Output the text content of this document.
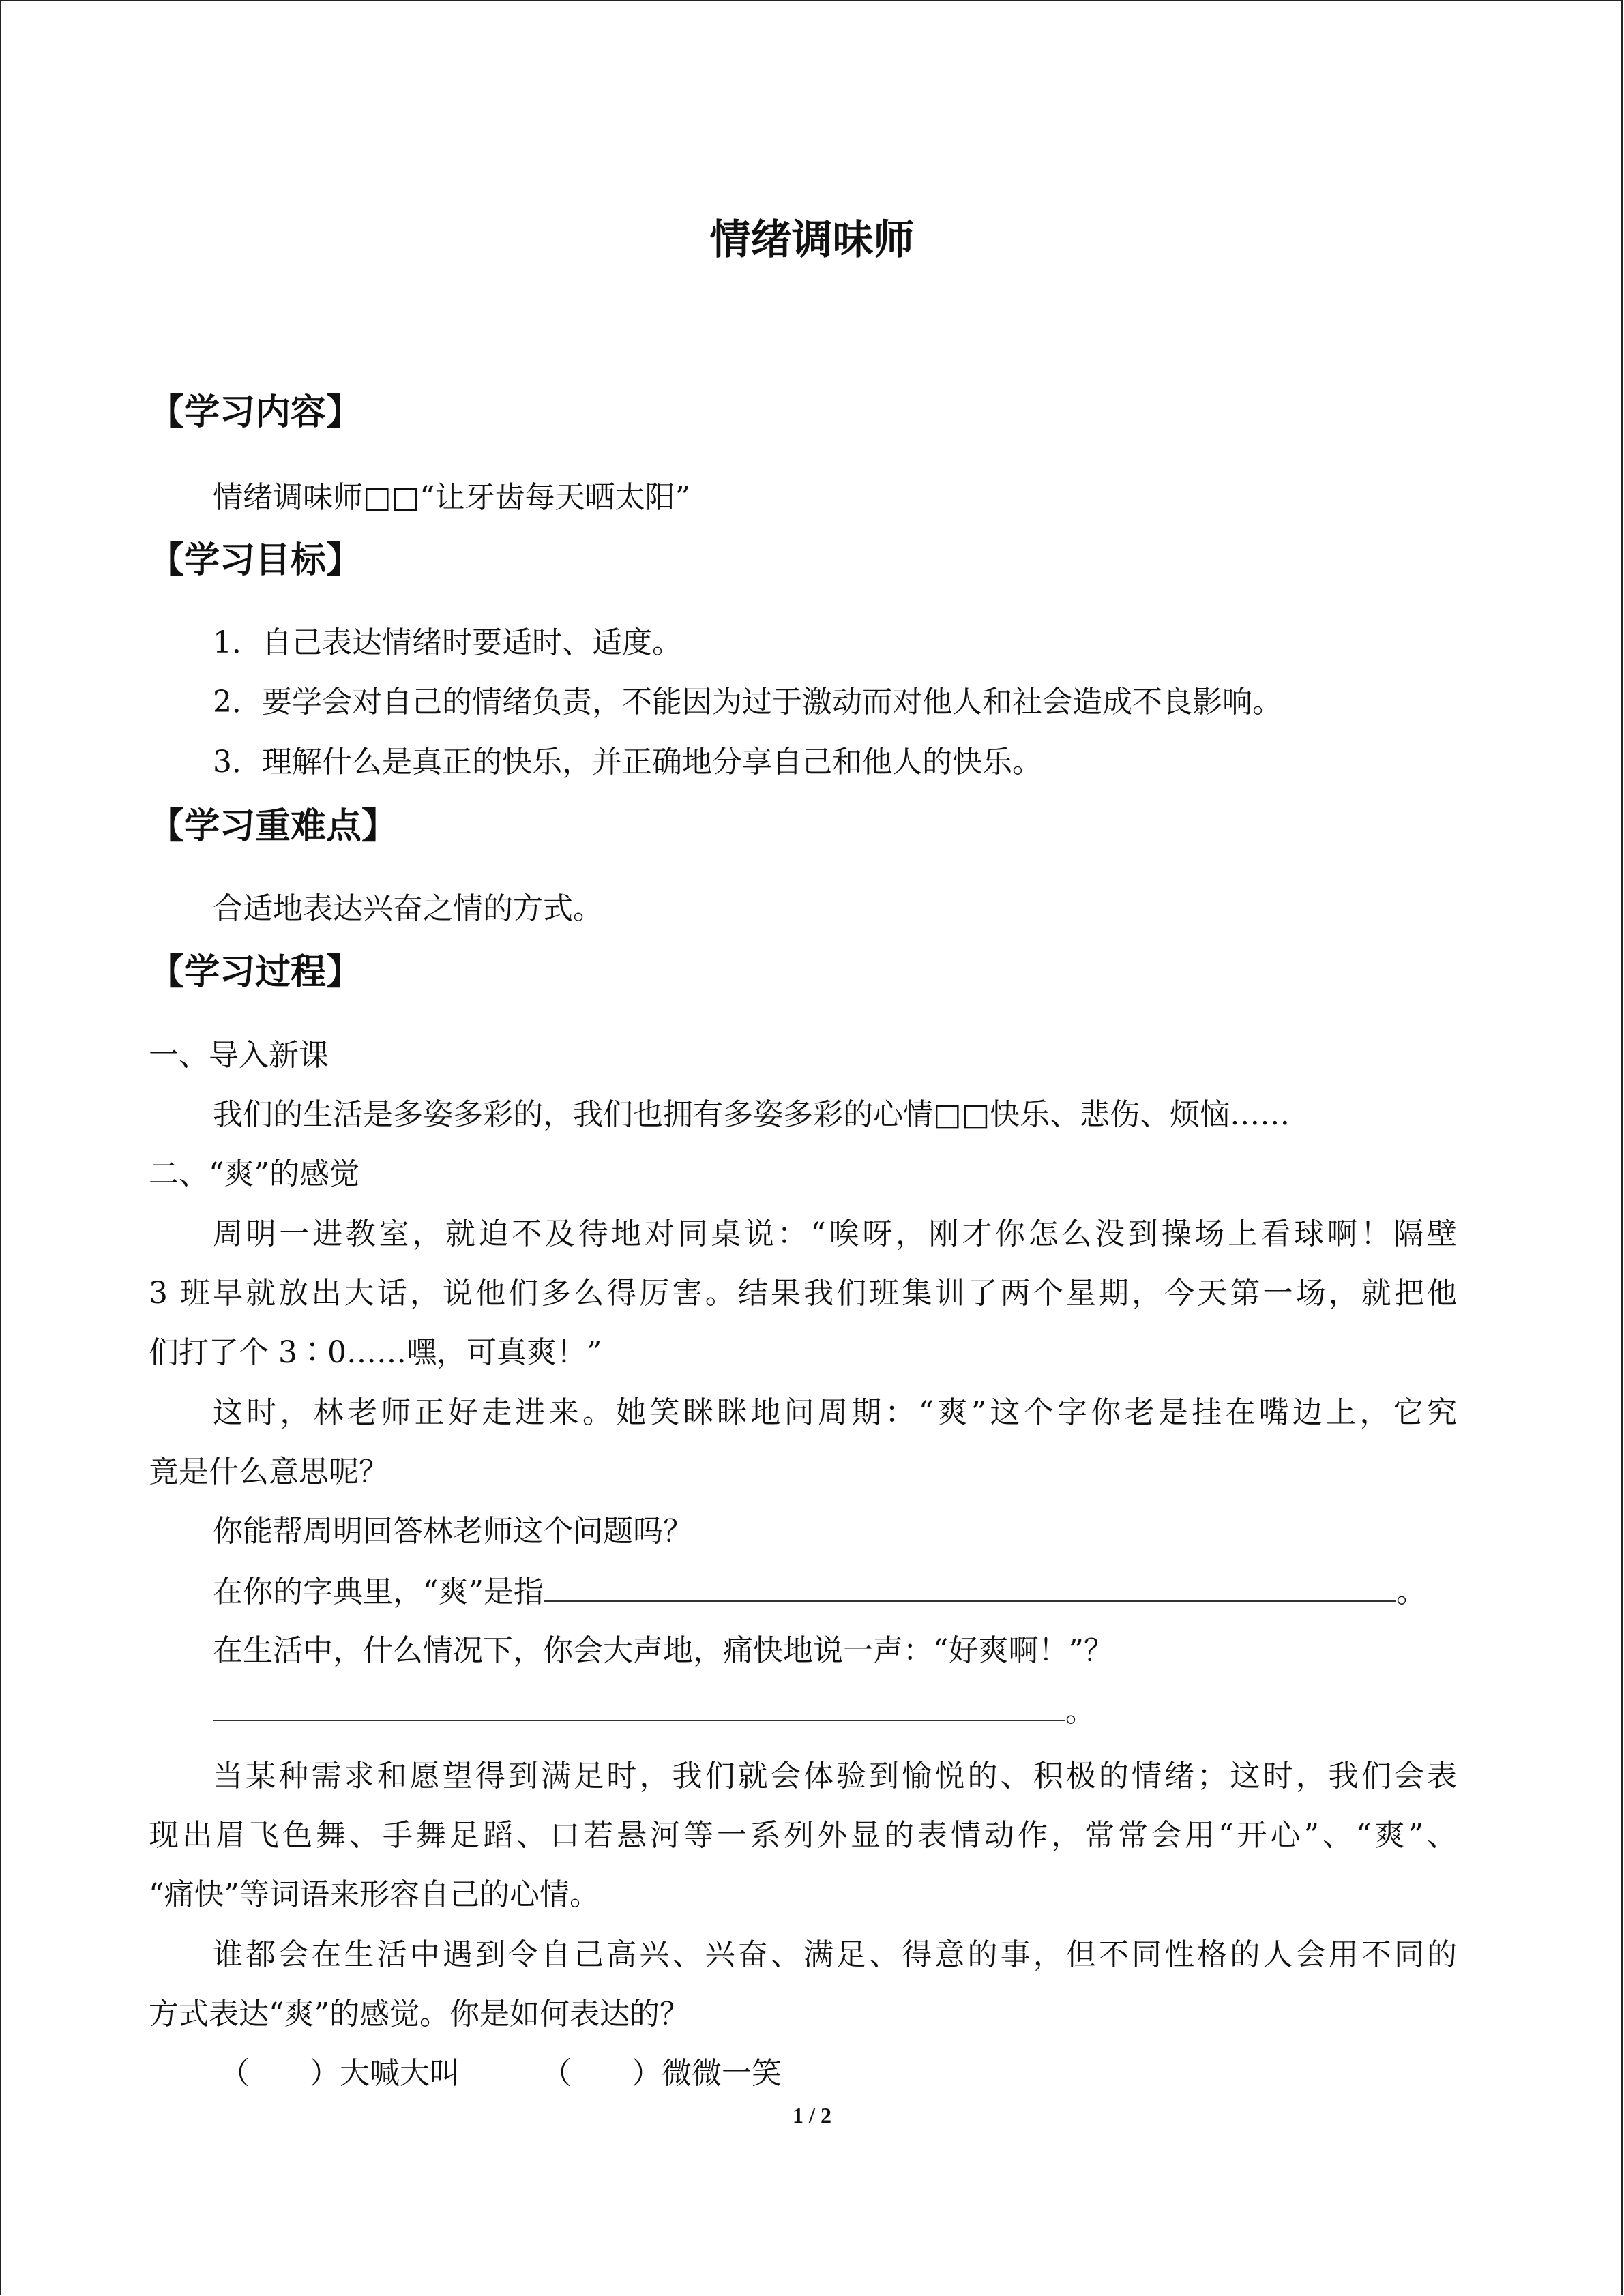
情绪调味师
【学习内容】
情绪调味师□□“让牙齿每天晒太阳”
【学习目标】
1．自己表达情绪时要适时、适度。
2．要学会对自己的情绪负责，不能因为过于激动而对他人和社会造成不良影响。
3．理解什么是真正的快乐，并正确地分享自己和他人的快乐。
【学习重难点】
合适地表达兴奋之情的方式。
【学习过程】
一、导入新课
我们的生活是多姿多彩的，我们也拥有多姿多彩的心情□□快乐、悲伤、烦恼……
二、“爽”的感觉
周明一进教室，就迫不及待地对同桌说：“唉呀，刚才你怎么没到操场上看球啊！隔壁
3 班早就放出大话，说他们多么得厉害。结果我们班集训了两个星期，今天第一场，就把他
们打了个 3∶0……嘿，可真爽！”
这时，林老师正好走进来。她笑眯眯地问周期：“爽”这个字你老是挂在嘴边上，它究
竟是什么意思呢？
你能帮周明回答林老师这个问题吗？
在你的字典里，“爽”是指	。
在生活中，什么情况下，你会大声地，痛快地说一声：“好爽啊！”？
。
当某种需求和愿望得到满足时，我们就会体验到愉悦的、积极的情绪；这时，我们会表
现出眉飞色舞、手舞足蹈、口若悬河等一系列外显的表情动作，常常会用“开心”、“爽”、
“痛快”等词语来形容自己的心情。
谁都会在生活中遇到令自己高兴、兴奋、满足、得意的事，但不同性格的人会用不同的
方式表达“爽”的感觉。你是如何表达的？
（　　）大喊大叫	（　　）微微一笑
1 / 2
